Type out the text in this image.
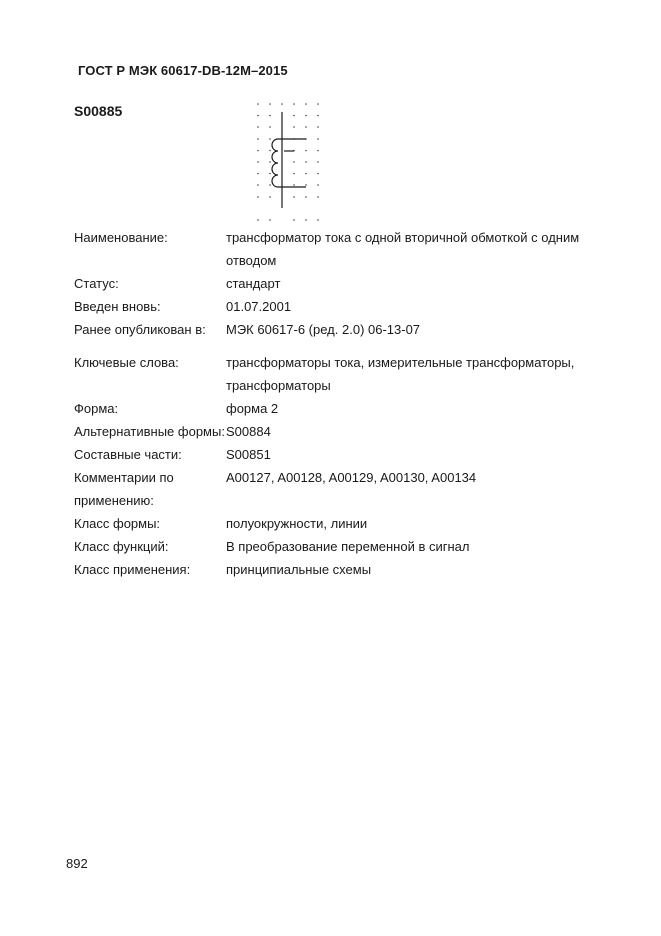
ГОСТ Р МЭК 60617-DB-12M–2015
S00885
Наименование:	трансформатор тока с одной вторичной обмоткой с одним отводом
Статус:	стандарт
Введен вновь:	01.07.2001
Ранее опубликован в:	МЭК 60617-6 (ред. 2.0) 06-13-07
Ключевые слова:	трансформаторы тока, измерительные трансформаторы, трансформаторы
Форма:	форма 2
Альтернативные формы: S00884
Составные части:	S00851
Комментарии по применению:
A00127, A00128, A00129, A00130, A00134
Класс формы:	полуокружности, линии
Класс функций:	B преобразование переменной в сигнал
Класс применения:	принципиальные схемы
892
